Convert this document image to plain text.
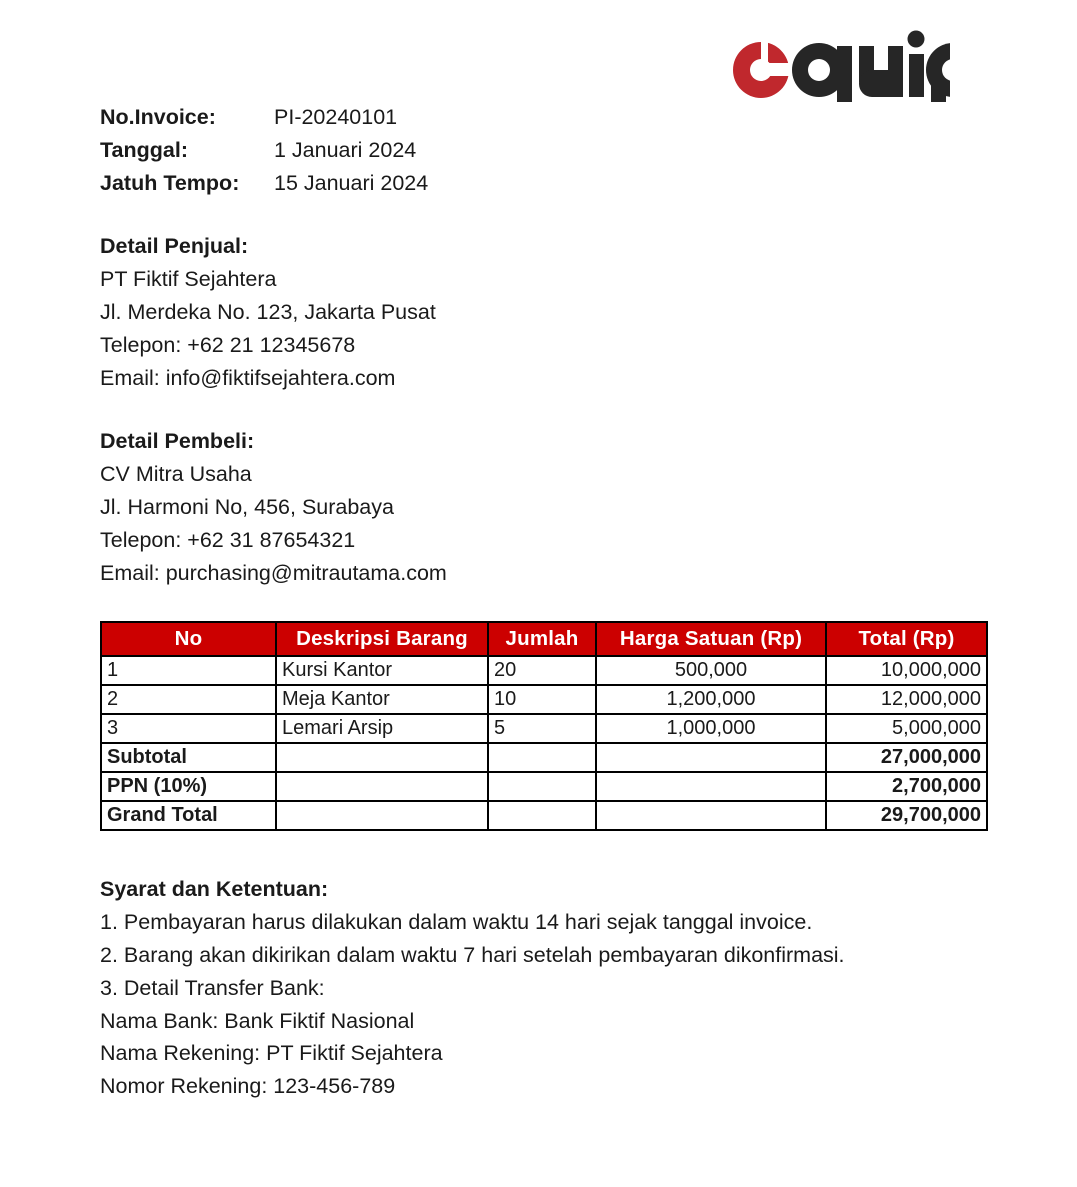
No.Invoice:	PI-20240101
Tanggal:	1 Januari 2024
Jatuh Tempo:	15 Januari 2024
Detail Penjual:
PT Fiktif Sejahtera
Jl. Merdeka No. 123, Jakarta Pusat
Telepon: +62 21 12345678
Email: info@fiktifsejahtera.com
Detail Pembeli:
CV Mitra Usaha
Jl. Harmoni No, 456, Surabaya
Telepon: +62 31 87654321
Email: purchasing@mitrautama.com
No	Deskripsi Barang	Jumlah	Harga Satuan (Rp)	Total (Rp)
1	Kursi Kantor	20	500,000	10,000,000
2	Meja Kantor	10	1,200,000	12,000,000
3	Lemari Arsip	5	1,000,000	5,000,000
Subtotal				27,000,000
PPN (10%)				2,700,000
Grand Total				29,700,000
Syarat dan Ketentuan:
1. Pembayaran harus dilakukan dalam waktu 14 hari sejak tanggal invoice.
2. Barang akan dikirikan dalam waktu 7 hari setelah pembayaran dikonfirmasi.
3. Detail Transfer Bank:
Nama Bank: Bank Fiktif Nasional
Nama Rekening: PT Fiktif Sejahtera
Nomor Rekening: 123-456-789
